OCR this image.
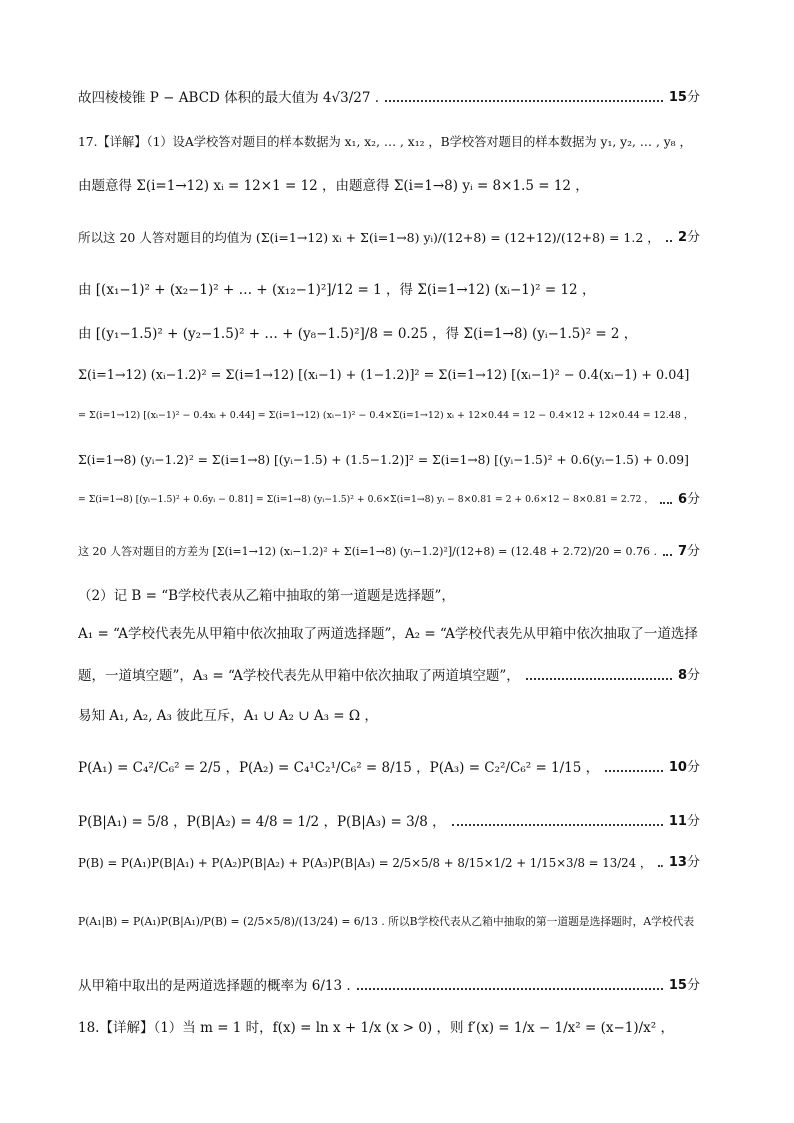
故四棱棱锥 P − ABCD 体积的最大值为 4√3/27 .	15 分
17.【详解】（1）设A学校答对题目的样本数据为 x₁, x₂, … , x₁₂ ，B学校答对题目的样本数据为 y₁, y₂, … , y₈ ，
由题意得 Σ(i=1→12) xᵢ = 12×1 = 12 ，由题意得 Σ(i=1→8) yᵢ = 8×1.5 = 12 ，
所以这 20 人答对题目的均值为 (Σ(i=1→12) xᵢ + Σ(i=1→8) yᵢ)/(12+8) = (12+12)/(12+8) = 1.2 ， 2 分
由 [(x₁−1)² + (x₂−1)² + … + (x₁₂−1)²]/12 = 1 ，得 Σ(i=1→12) (xᵢ−1)² = 12 ，
由 [(y₁−1.5)² + (y₂−1.5)² + … + (y₈−1.5)²]/8 = 0.25 ，得 Σ(i=1→8) (yᵢ−1.5)² = 2 ，
Σ(i=1→12) (xᵢ−1.2)² = Σ(i=1→12) [(xᵢ−1) + (1−1.2)]² = Σ(i=1→12) [(xᵢ−1)² − 0.4(xᵢ−1) + 0.04]
= Σ(i=1→12) [(xᵢ−1)² − 0.4xᵢ + 0.44] = Σ(i=1→12) (xᵢ−1)² − 0.4×Σ(i=1→12) xᵢ + 12×0.44 = 12 − 0.4×12 + 12×0.44 = 12.48 ，
Σ(i=1→8) (yᵢ−1.2)² = Σ(i=1→8) [(yᵢ−1.5) + (1.5−1.2)]² = Σ(i=1→8) [(yᵢ−1.5)² + 0.6(yᵢ−1.5) + 0.09]
= Σ(i=1→8) [(yᵢ−1.5)² + 0.6yᵢ − 0.81] = Σ(i=1→8) (yᵢ−1.5)² + 0.6×Σ(i=1→8) yᵢ − 8×0.81 = 2 + 0.6×12 − 8×0.81 = 2.72 ， 6 分
这 20 人答对题目的方差为 [Σ(i=1→12) (xᵢ−1.2)² + Σ(i=1→8) (yᵢ−1.2)²]/(12+8) = (12.48 + 2.72)/20 = 0.76 . 7 分
（2）记 B = “B学校代表从乙箱中抽取的第一道题是选择题”，
A₁ = “A学校代表先从甲箱中依次抽取了两道选择题”，A₂ = “A学校代表先从甲箱中依次抽取了一道选择
题，一道填空题”，A₃ = “A学校代表先从甲箱中依次抽取了两道填空题”，	8 分
易知 A₁, A₂, A₃ 彼此互斥，A₁ ∪ A₂ ∪ A₃ = Ω ，
P(A₁) = C₄²/C₆² = 2/5 ，P(A₂) = C₄¹C₂¹/C₆² = 8/15 ，P(A₃) = C₂²/C₆² = 1/15 ，	10 分
P(B|A₁) = 5/8 ，P(B|A₂) = 4/8 = 1/2 ，P(B|A₃) = 3/8 ，	11 分
P(B) = P(A₁)P(B|A₁) + P(A₂)P(B|A₂) + P(A₃)P(B|A₃) = 2/5×5/8 + 8/15×1/2 + 1/15×3/8 = 13/24 ， 13 分
P(A₁|B) = P(A₁)P(B|A₁)/P(B) = (2/5×5/8)/(13/24) = 6/13 . 所以B学校代表从乙箱中抽取的第一道题是选择题时，A学校代表
从甲箱中取出的是两道选择题的概率为 6/13 .	15 分
18.【详解】（1）当 m = 1 时，f(x) = ln x + 1/x (x > 0) ，则 f′(x) = 1/x − 1/x² = (x−1)/x² ，
